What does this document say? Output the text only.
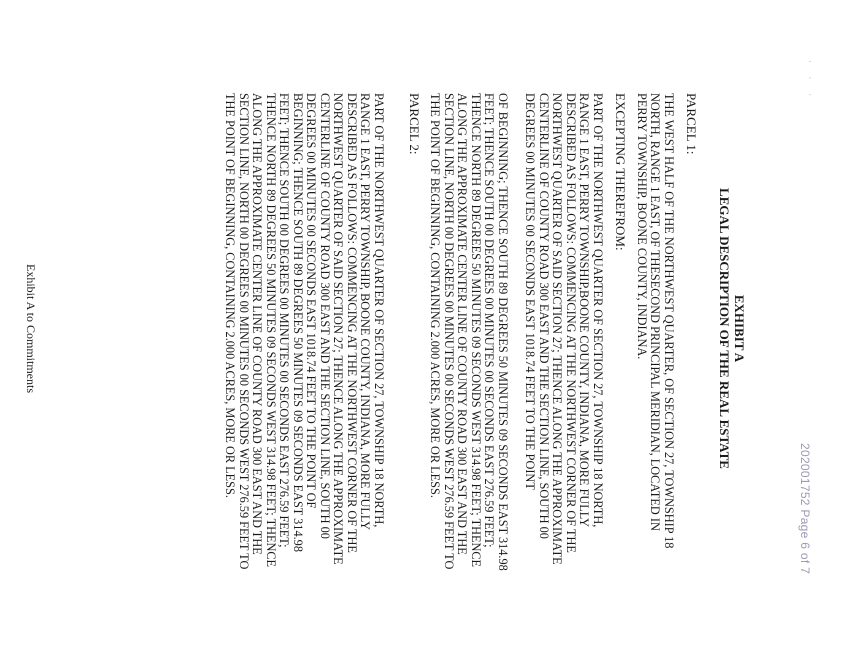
· · ·
202001752 Page 6 of 7
EXHIBIT A
LEGAL DESCRIPTION OF THE REAL ESTATE
PARCEL 1:
THE WEST HALF OF THE NORTHWEST QUARTER, OF SECTION 27, TOWNSHIP 18
NORTH, RANGE 1 EAST, OF THESECOND PRINCIPAL MERIDIAN, LOCATED IN
PERRY TOWNSHIP, BOONE COUNTY, INDIANA.
EXCEPTING THEREFROM:
PART OF THE NORTHWEST QUARTER OF SECTION 27, TOWNSHIP 18 NORTH,
RANGE 1 EAST, PERRY TOWNSHIP,BOONE COUNTY, INDIANA, MORE FULLY
DESCRIBED AS FOLLOWS: COMMENCING AT THE NORTHWEST CORNER OF THE
NORTHWEST QUARTER OF SAID SECTION 27; THENCE ALONG THE APPROXIMATE
CENTERLINE OF COUNTY ROAD 300 EAST AND THE SECTION LINE, SOUTH 00
DEGREES 00 MINUTES 00 SECONDS EAST 1018.74 FEET TO THE POINT
OF BEGINNING; THENCE SOUTH 89 DEGREES 50 MINUTES 09 SECONDS EAST 314.98
FEET; THENCE SOUTH 00 DEGREES 00 MINUTES 00 SECONDS EAST 276.59 FEET;
THENCE NORTH 89 DEGREES 50 MINUTES 09 SECONDS WEST 314.98 FEET; THENCE
ALONG THE APPROXIMATE CENTER LINE OF COUNTY ROAD 300 EAST AND THE
SECTION LINE, NORTH 00 DEGREES 00 MINUTES 00 SECONDS WEST 276.59 FEET TO
THE POINT OF BEGINNING, CONTAINING 2.000 ACRES, MORE OR LESS.
PARCEL 2:
PART OF THE NORTHWEST QUARTER OF SECTION 27, TOWNSHIP 18 NORTH,
RANGE 1 EAST, PERRY TOWNSHIP, BOONE COUNTY, INDIANA, MORE FULLY
DESCRIBED AS FOLLOWS: COMMENCING AT THE NORTHWEST CORNER OF THE
NORTHWEST QUARTER OF SAID SECTION 27; THENCE ALONG THE APPROXIMATE
CENTERLINE OF COUNTY ROAD 300 EAST AND THE SECTION LINE, SOUTH 00
DEGREES 00 MINUTES 00 SECONDS EAST 1018.74 FEET TO THE POINT OF
BEGINNING; THENCE SOUTH 89 DEGREES 50 MINUTES 09 SECONDS EAST 314.98
FEET; THENCE SOUTH 00 DEGREES 00 MINUTES 00 SECONDS EAST 276.59 FEET;
THENCE NORTH 89 DEGREES 50 MINUTES 09 SECONDS WEST 314.98 FEET; THENCE
ALONG THE APPROXIMATE CENTER LINE OF COUNTY ROAD 300 EAST AND THE
SECTION LINE, NORTH 00 DEGREES 00 MINUTES 00 SECONDS WEST 276.59 FEET TO
THE POINT OF BEGINNING, CONTAINING 2.000 ACRES, MORE OR LESS.
Exhibit A to Commitments
